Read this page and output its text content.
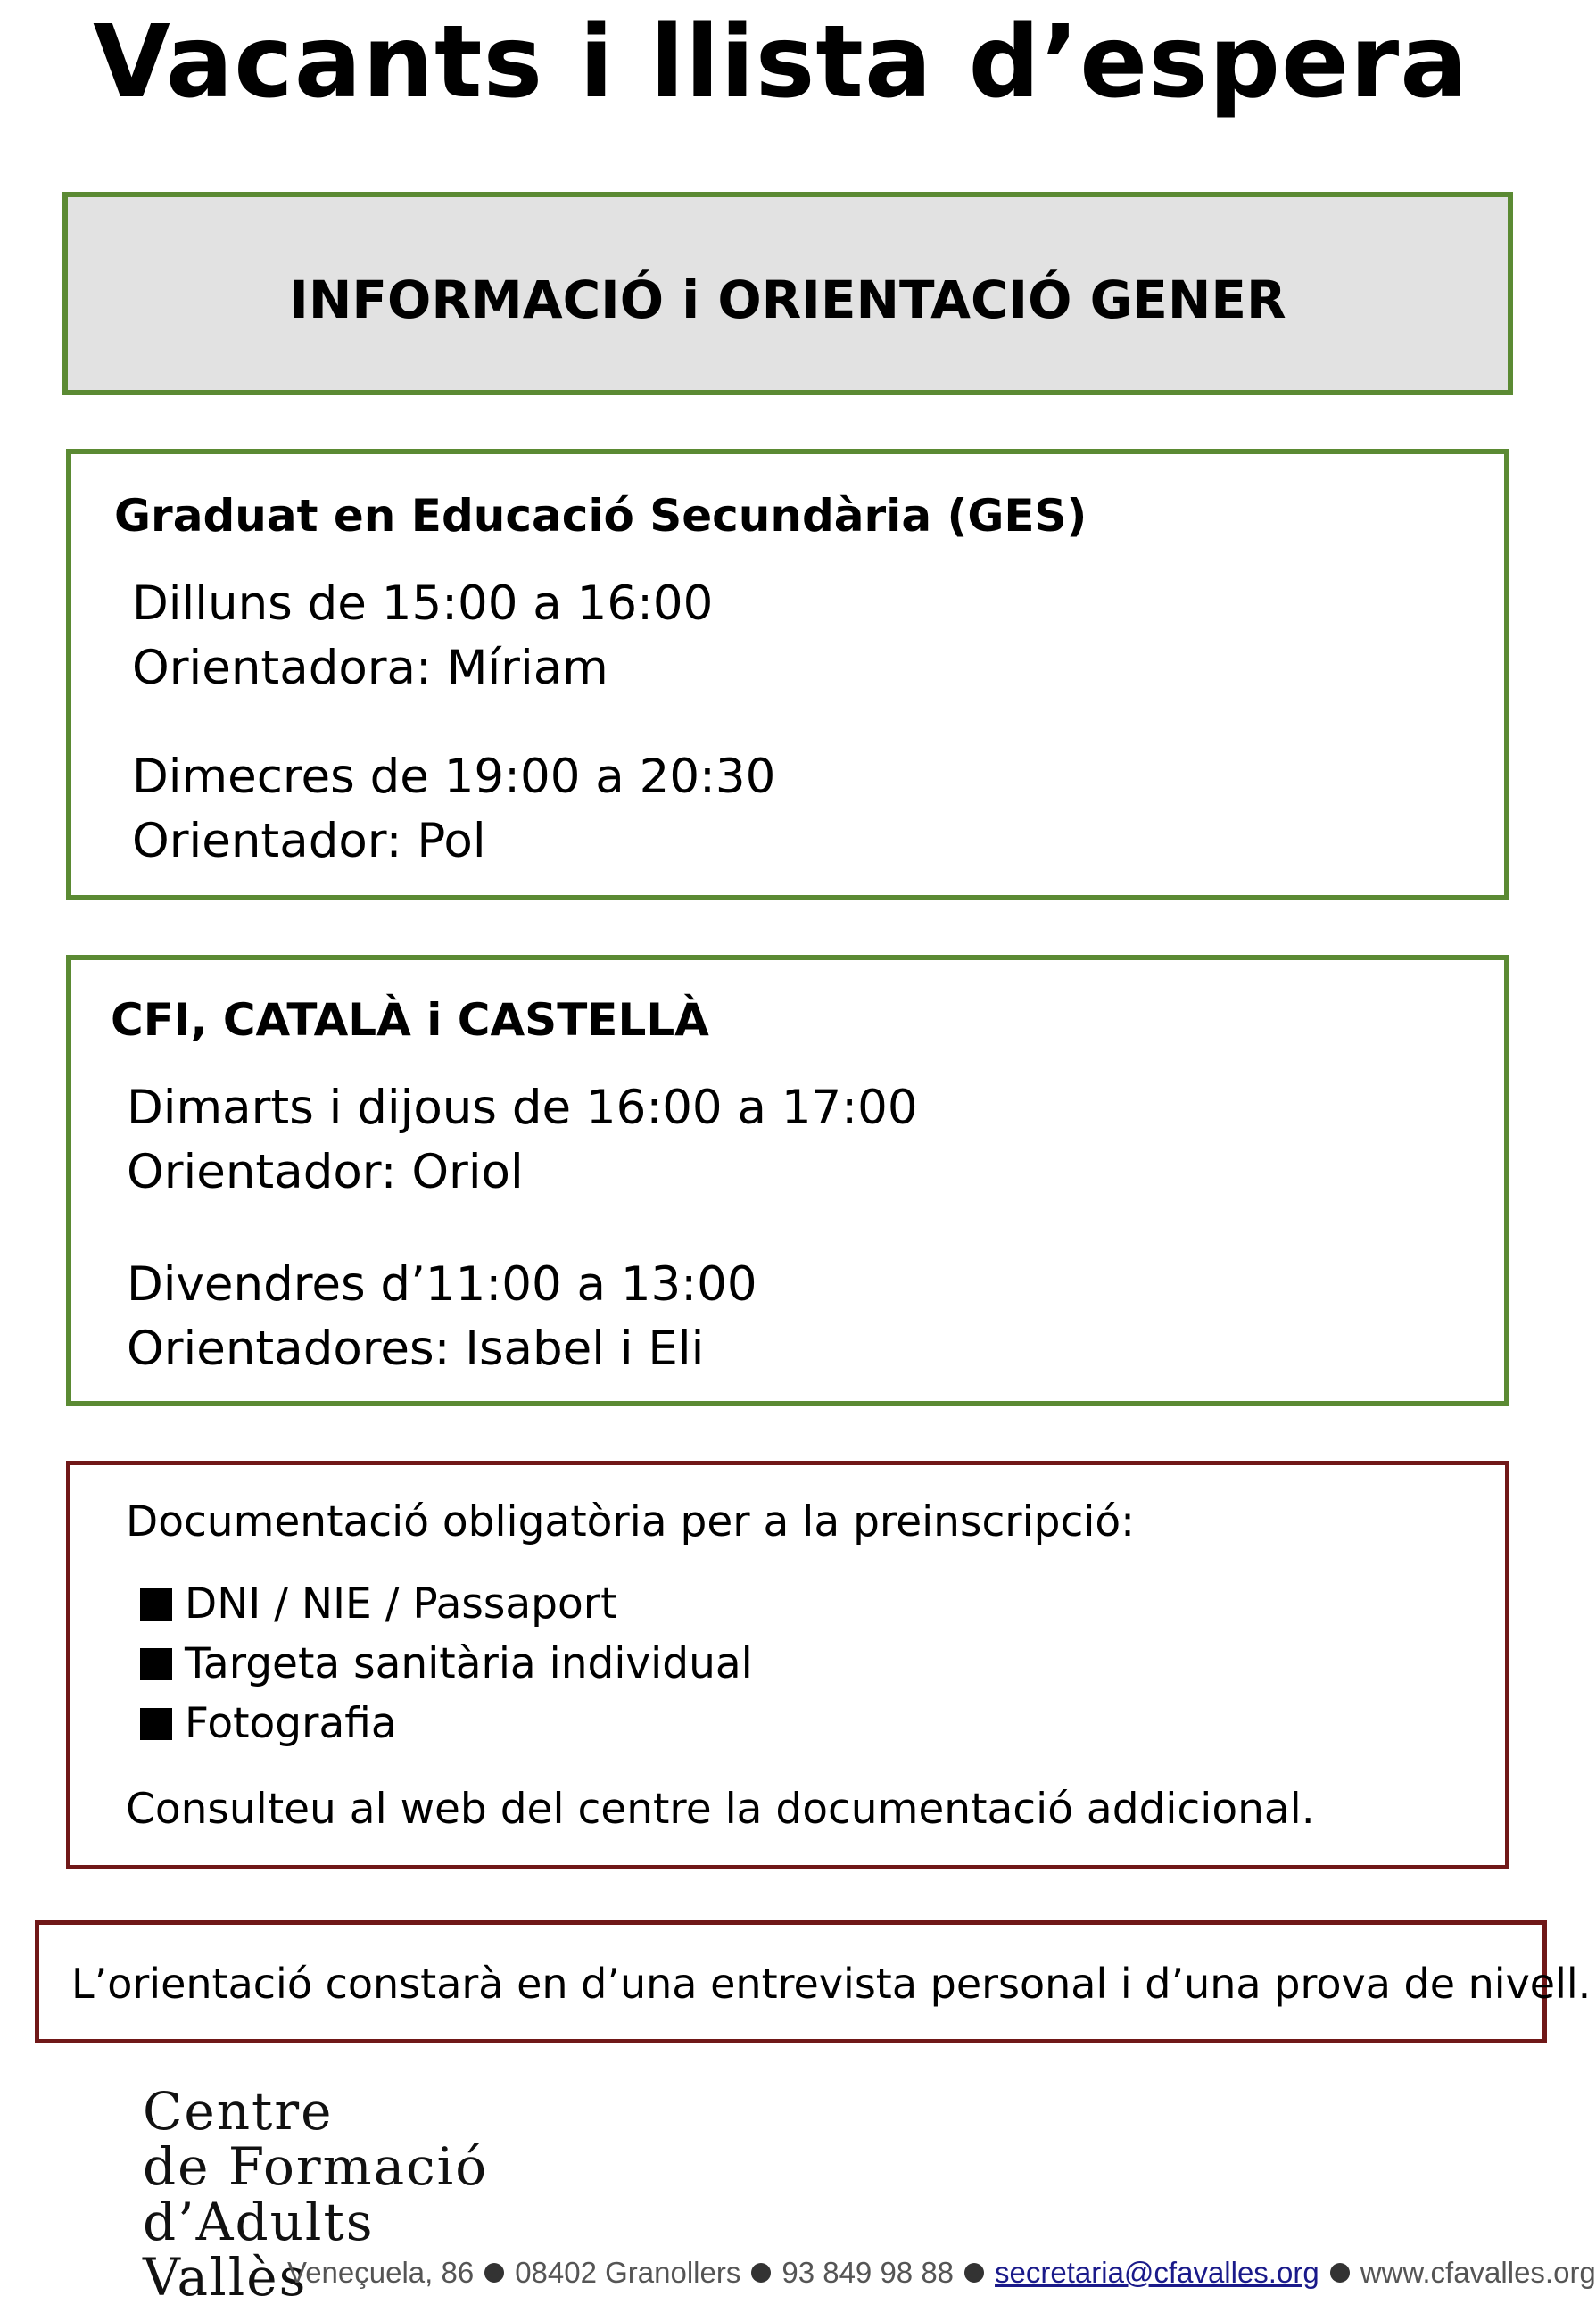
Vacants i llista d’espera
INFORMACIÓ i ORIENTACIÓ GENER
Graduat en Educació Secundària (GES)
Dilluns de 15:00 a 16:00
Orientadora: Míriam
Dimecres de 19:00 a 20:30
Orientador: Pol
CFI, CATALÀ i CASTELLÀ
Dimarts i dijous de 16:00 a 17:00
Orientador: Oriol
Divendres d’11:00 a 13:00
Orientadores: Isabel i Eli
Documentació obligatòria per a la preinscripció:
DNI / NIE / Passaport
Targeta sanitària individual
Fotografia
Consulteu al web del centre la documentació addicional.
L’orientació constarà en d’una entrevista personal i d’una prova de nivell.
Centre
de Formació
d’Adults
Vallès
Veneçuela, 86 08402 Granollers 93 849 98 88 secretaria@cfavalles.org www.cfavalles.org
